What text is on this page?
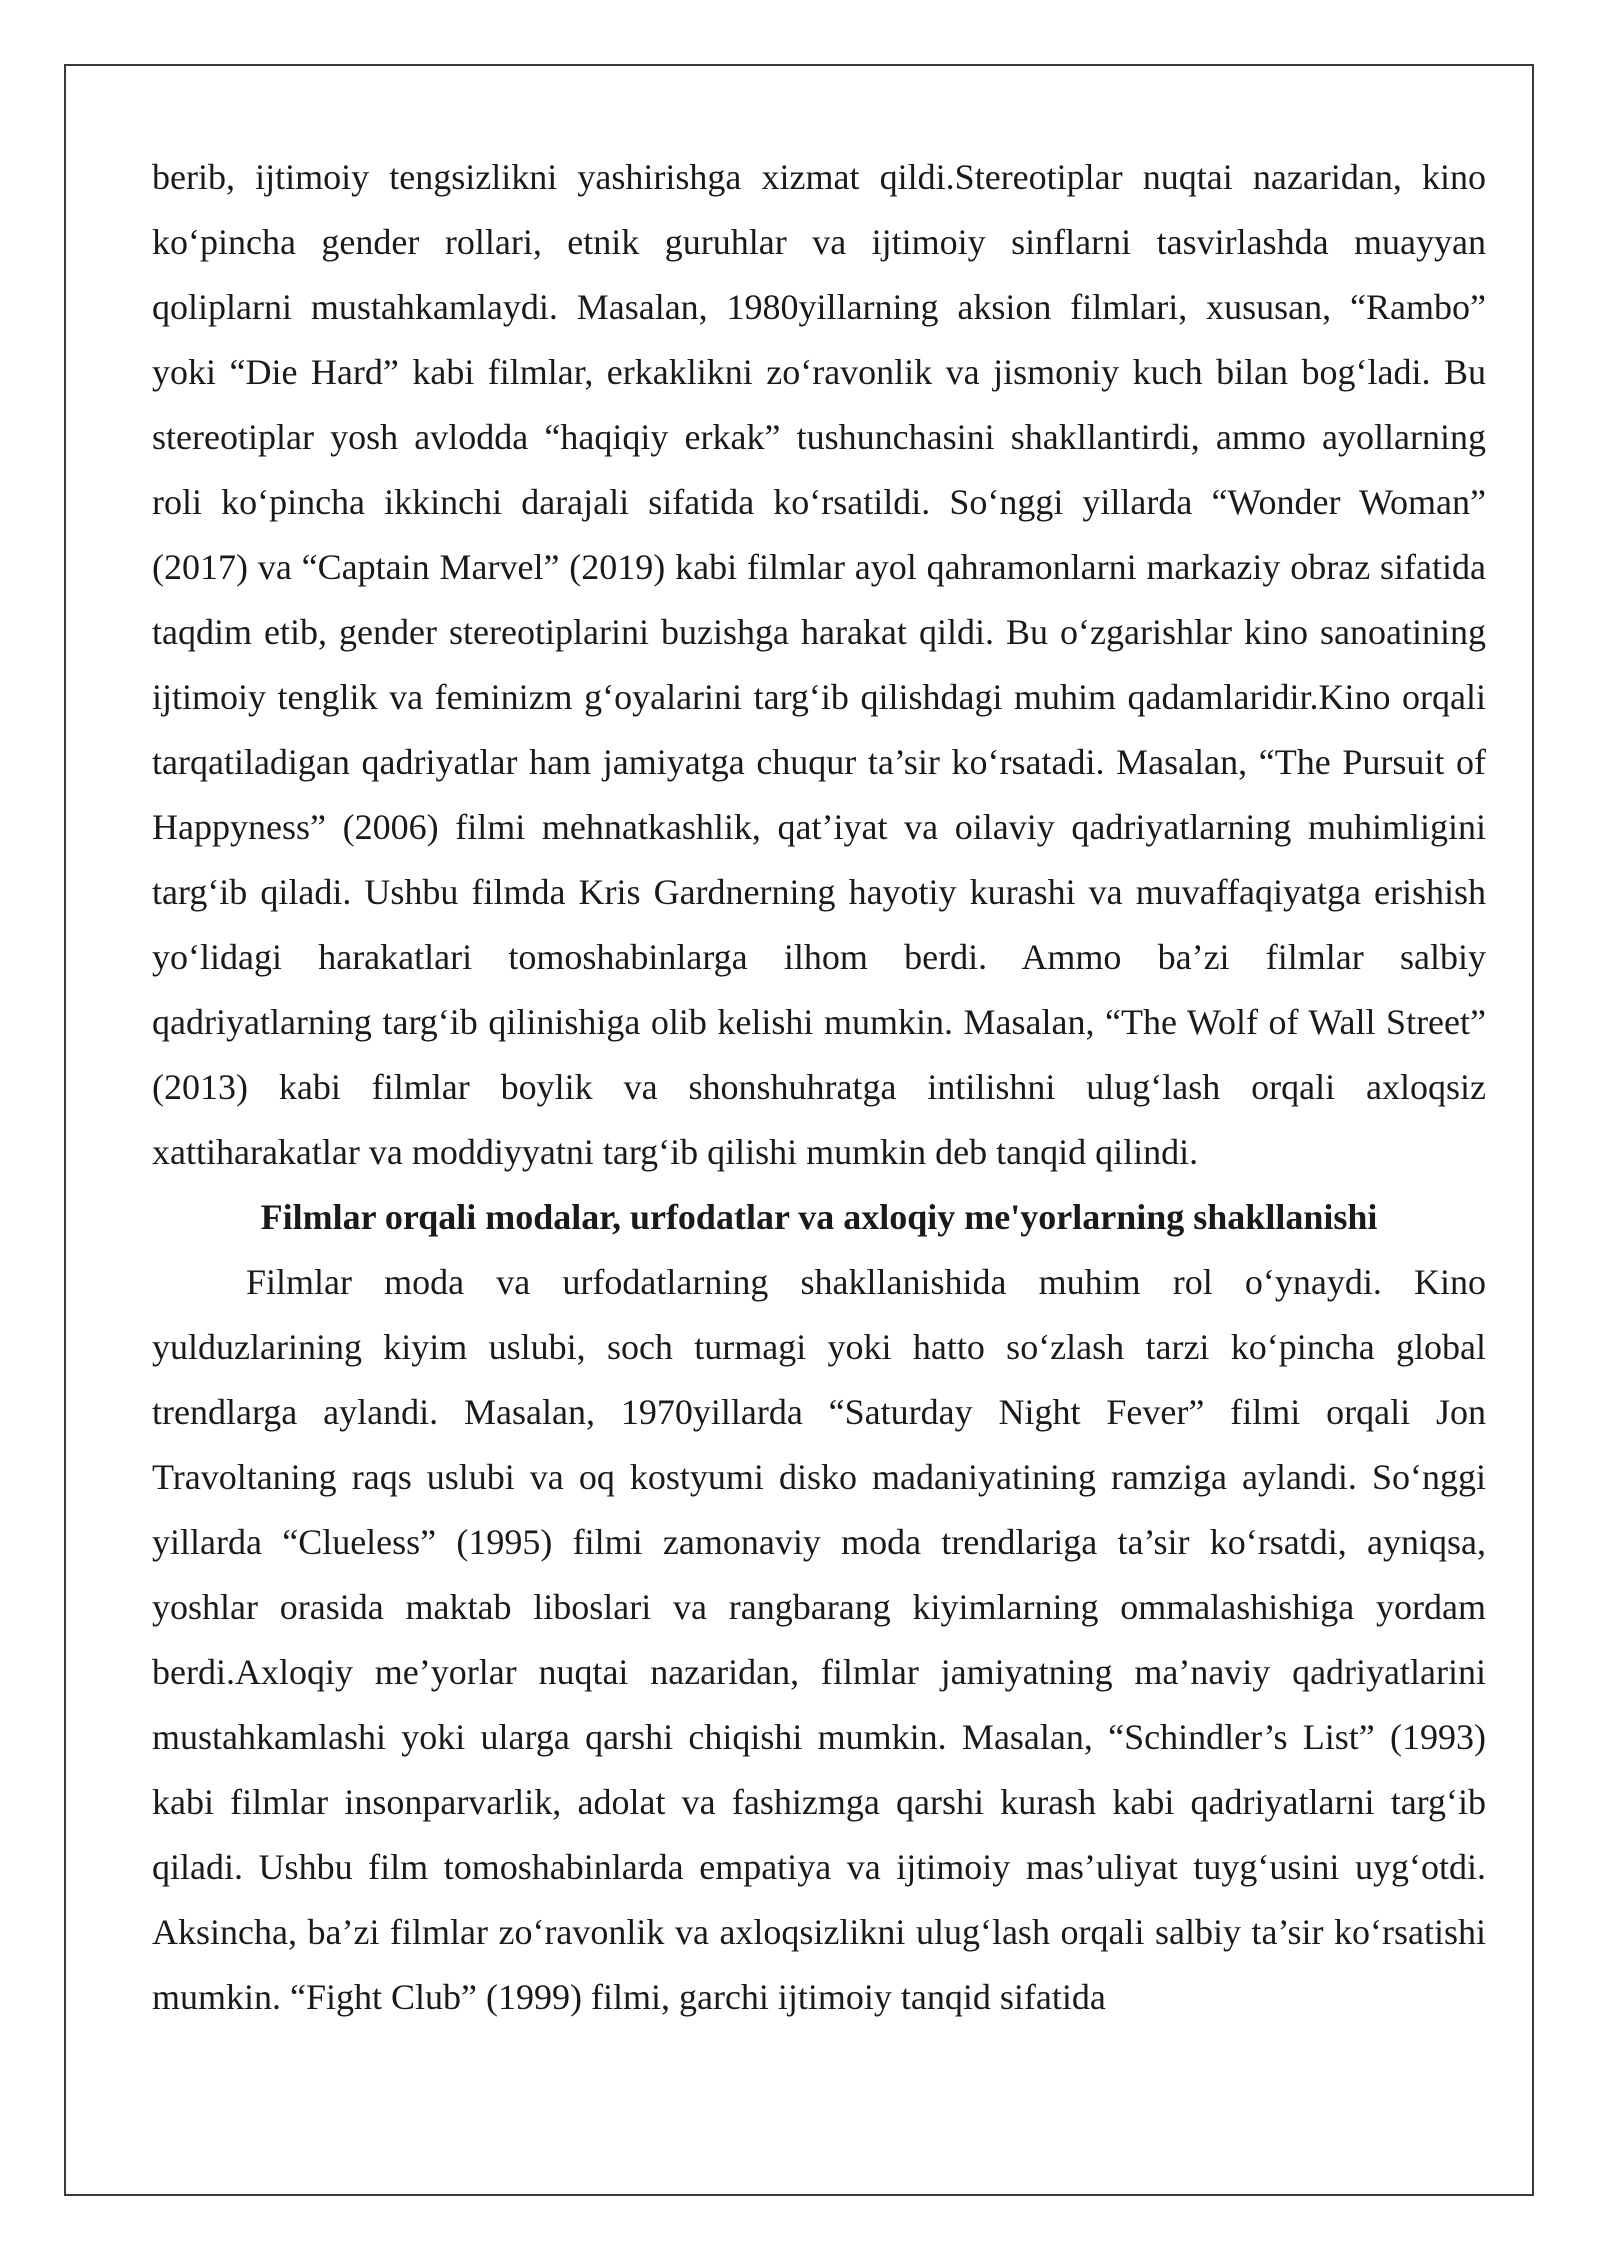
berib, ijtimoiy tengsizlikni yashirishga xizmat qildi.Stereotiplar nuqtai nazaridan, kino ko‘pincha gender rollari, etnik guruhlar va ijtimoiy sinflarni tasvirlashda muayyan qoliplarni mustahkamlaydi. Masalan, 1980yillarning aksion filmlari, xususan, “Rambo” yoki “Die Hard” kabi filmlar, erkaklikni zo‘ravonlik va jismoniy kuch bilan bog‘ladi. Bu stereotiplar yosh avlodda “haqiqiy erkak” tushunchasini shakllantirdi, ammo ayollarning roli ko‘pincha ikkinchi darajali sifatida ko‘rsatildi. So‘nggi yillarda “Wonder Woman” (2017) va “Captain Marvel” (2019) kabi filmlar ayol qahramonlarni markaziy obraz sifatida taqdim etib, gender stereotiplarini buzishga harakat qildi. Bu o‘zgarishlar kino sanoatining ijtimoiy tenglik va feminizm g‘oyalarini targ‘ib qilishdagi muhim qadamlaridir.Kino orqali tarqatiladigan qadriyatlar ham jamiyatga chuqur ta’sir ko‘rsatadi. Masalan, “The Pursuit of Happyness” (2006) filmi mehnatkashlik, qat’iyat va oilaviy qadriyatlarning muhimligini targ‘ib qiladi. Ushbu filmda Kris Gardnerning hayotiy kurashi va muvaffaqiyatga erishish yo‘lidagi harakatlari tomoshabinlarga ilhom berdi. Ammo ba’zi filmlar salbiy qadriyatlarning targ‘ib qilinishiga olib kelishi mumkin. Masalan, “The Wolf of Wall Street” (2013) kabi filmlar boylik va shonshuhratga intilishni ulug‘lash orqali axloqsiz xattiharakatlar va moddiyyatni targ‘ib qilishi mumkin deb tanqid qilindi.

Filmlar orqali modalar, urfodatlar va axloqiy me'yorlarning shakllanishi

Filmlar moda va urfodatlarning shakllanishida muhim rol o‘ynaydi. Kino yulduzlarining kiyim uslubi, soch turmagi yoki hatto so‘zlash tarzi ko‘pincha global trendlarga aylandi. Masalan, 1970yillarda “Saturday Night Fever” filmi orqali Jon Travoltaning raqs uslubi va oq kostyumi disko madaniyatining ramziga aylandi. So‘nggi yillarda “Clueless” (1995) filmi zamonaviy moda trendlariga ta’sir ko‘rsatdi, ayniqsa, yoshlar orasida maktab liboslari va rangbarang kiyimlarning ommalashishiga yordam berdi.Axloqiy me’yorlar nuqtai nazaridan, filmlar jamiyatning ma’naviy qadriyatlarini mustahkamlashi yoki ularga qarshi chiqishi mumkin. Masalan, “Schindler’s List” (1993) kabi filmlar insonparvarlik, adolat va fashizmga qarshi kurash kabi qadriyatlarni targ‘ib qiladi. Ushbu film tomoshabinlarda empatiya va ijtimoiy mas’uliyat tuyg‘usini uyg‘otdi. Aksincha, ba’zi filmlar zo‘ravonlik va axloqsizlikni ulug‘lash orqali salbiy ta’sir ko‘rsatishi mumkin. “Fight Club” (1999) filmi, garchi ijtimoiy tanqid sifatida
